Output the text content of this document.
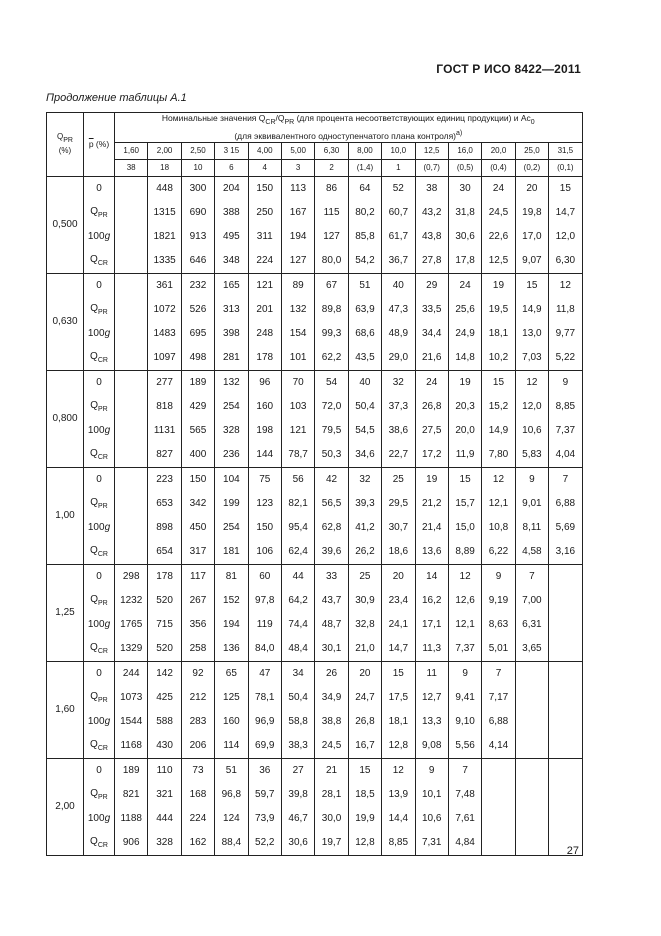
ГОСТ Р ИСО 8422—2011
Продолжение таблицы А.1
$Q_{PR}$
(%)	$\overline{p}$ (%)	Номинальные значения $Q_{CR}/Q_{PR}$ (для процента несоответствующих единиц продукции) и $Ac_0$
(для эквивалентного одноступенчатого плана контроля)$^{a)}$
		1,60	2,00	2,50	3 15	4,00	5,00	6,30	8,00	10,0	12,5	16,0	20,0	25,0	31,5
		38	18	10	6	4	3	2	(1,4)	1	(0,7)	(0,5)	(0,4)	(0,2)	(0,1)
0,500	0		448	300	204	150	113	86	64	52	38	30	24	20	15
	$Q_{PR}$		1315	690	388	250	167	115	80,2	60,7	43,2	31,8	24,5	19,8	14,7
	100g		1821	913	495	311	194	127	85,8	61,7	43,8	30,6	22,6	17,0	12,0
	$Q_{CR}$		1335	646	348	224	127	80,0	54,2	36,7	27,8	17,8	12,5	9,07	6,30
0,630	0		361	232	165	121	89	67	51	40	29	24	19	15	12
	$Q_{PR}$		1072	526	313	201	132	89,8	63,9	47,3	33,5	25,6	19,5	14,9	11,8
	100g		1483	695	398	248	154	99,3	68,6	48,9	34,4	24,9	18,1	13,0	9,77
	$Q_{CR}$		1097	498	281	178	101	62,2	43,5	29,0	21,6	14,8	10,2	7,03	5,22
0,800	0		277	189	132	96	70	54	40	32	24	19	15	12	9
	$Q_{PR}$		818	429	254	160	103	72,0	50,4	37,3	26,8	20,3	15,2	12,0	8,85
	100g		1131	565	328	198	121	79,5	54,5	38,6	27,5	20,0	14,9	10,6	7,37
	$Q_{CR}$		827	400	236	144	78,7	50,3	34,6	22,7	17,2	11,9	7,80	5,83	4,04
1,00	0		223	150	104	75	56	42	32	25	19	15	12	9	7
	$Q_{PR}$		653	342	199	123	82,1	56,5	39,3	29,5	21,2	15,7	12,1	9,01	6,88
	100g		898	450	254	150	95,4	62,8	41,2	30,7	21,4	15,0	10,8	8,11	5,69
	$Q_{CR}$		654	317	181	106	62,4	39,6	26,2	18,6	13,6	8,89	6,22	4,58	3,16
1,25	0	298	178	117	81	60	44	33	25	20	14	12	9	7	
	$Q_{PR}$	1232	520	267	152	97,8	64,2	43,7	30,9	23,4	16,2	12,6	9,19	7,00	
	100g	1765	715	356	194	119	74,4	48,7	32,8	24,1	17,1	12,1	8,63	6,31	
	$Q_{CR}$	1329	520	258	136	84,0	48,4	30,1	21,0	14,7	11,3	7,37	5,01	3,65	
1,60	0	244	142	92	65	47	34	26	20	15	11	9	7		
	$Q_{PR}$	1073	425	212	125	78,1	50,4	34,9	24,7	17,5	12,7	9,41	7,17		
	100g	1544	588	283	160	96,9	58,8	38,8	26,8	18,1	13,3	9,10	6,88		
	$Q_{CR}$	1168	430	206	114	69,9	38,3	24,5	16,7	12,8	9,08	5,56	4,14		
2,00	0	189	110	73	51	36	27	21	15	12	9	7			
	$Q_{PR}$	821	321	168	96,8	59,7	39,8	28,1	18,5	13,9	10,1	7,48			
	100g	1188	444	224	124	73,9	46,7	30,0	19,9	14,4	10,6	7,61			
	$Q_{CR}$	906	328	162	88,4	52,2	30,6	19,7	12,8	8,85	7,31	4,84			
27
